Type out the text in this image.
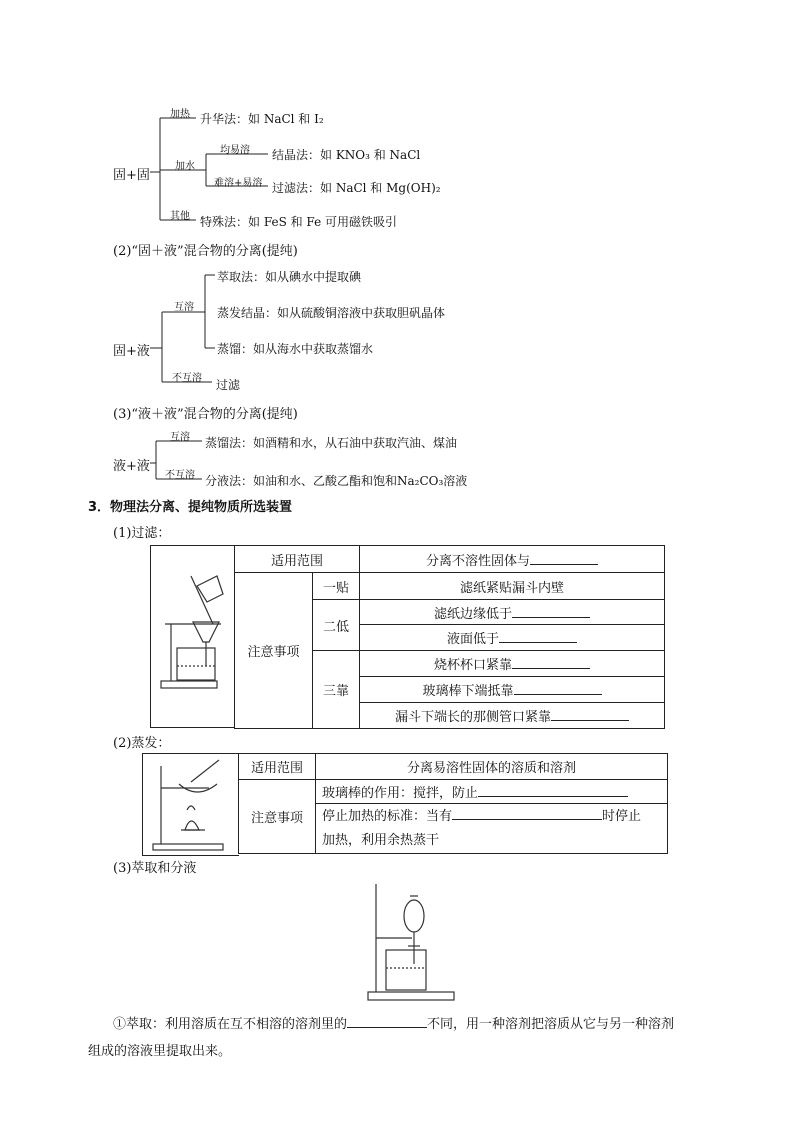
固+固
加热 升华法：如 NaCl 和 I₂
加水
均易溶 结晶法：如 KNO₃ 和 NaCl
难溶+易溶 过滤法：如 NaCl 和 Mg(OH)₂
其他 特殊法：如 FeS 和 Fe 可用磁铁吸引
(2)“固＋液”混合物的分离(提纯)
固+液
互溶
萃取法：如从碘水中提取碘
蒸发结晶：如从硫酸铜溶液中获取胆矾晶体
蒸馏：如从海水中获取蒸馏水
不互溶 过滤
(3)“液＋液”混合物的分离(提纯)
液+液
互溶 蒸馏法：如酒精和水，从石油中获取汽油、煤油
不互溶 分液法：如油和水、乙酸乙酯和饱和Na₂CO₃溶液
3．物理法分离、提纯物质所选装置
(1)过滤：
适用范围		分离不溶性固体与
注意事项	一贴	滤纸紧贴漏斗内壁
	二低	滤纸边缘低于
		液面低于
	三靠	烧杯杯口紧靠
		玻璃棒下端抵靠
		漏斗下端长的那侧管口紧靠
(2)蒸发：
适用范围	分离易溶性固体的溶质和溶剂
注意事项	玻璃棒的作用：搅拌，防止
	停止加热的标准：当有 时停止
加热，利用余热蒸干
(3)萃取和分液
①萃取：利用溶质在互不相溶的溶剂里的	不同，用一种溶剂把溶质从它与另一种溶剂
组成的溶液里提取出来。
